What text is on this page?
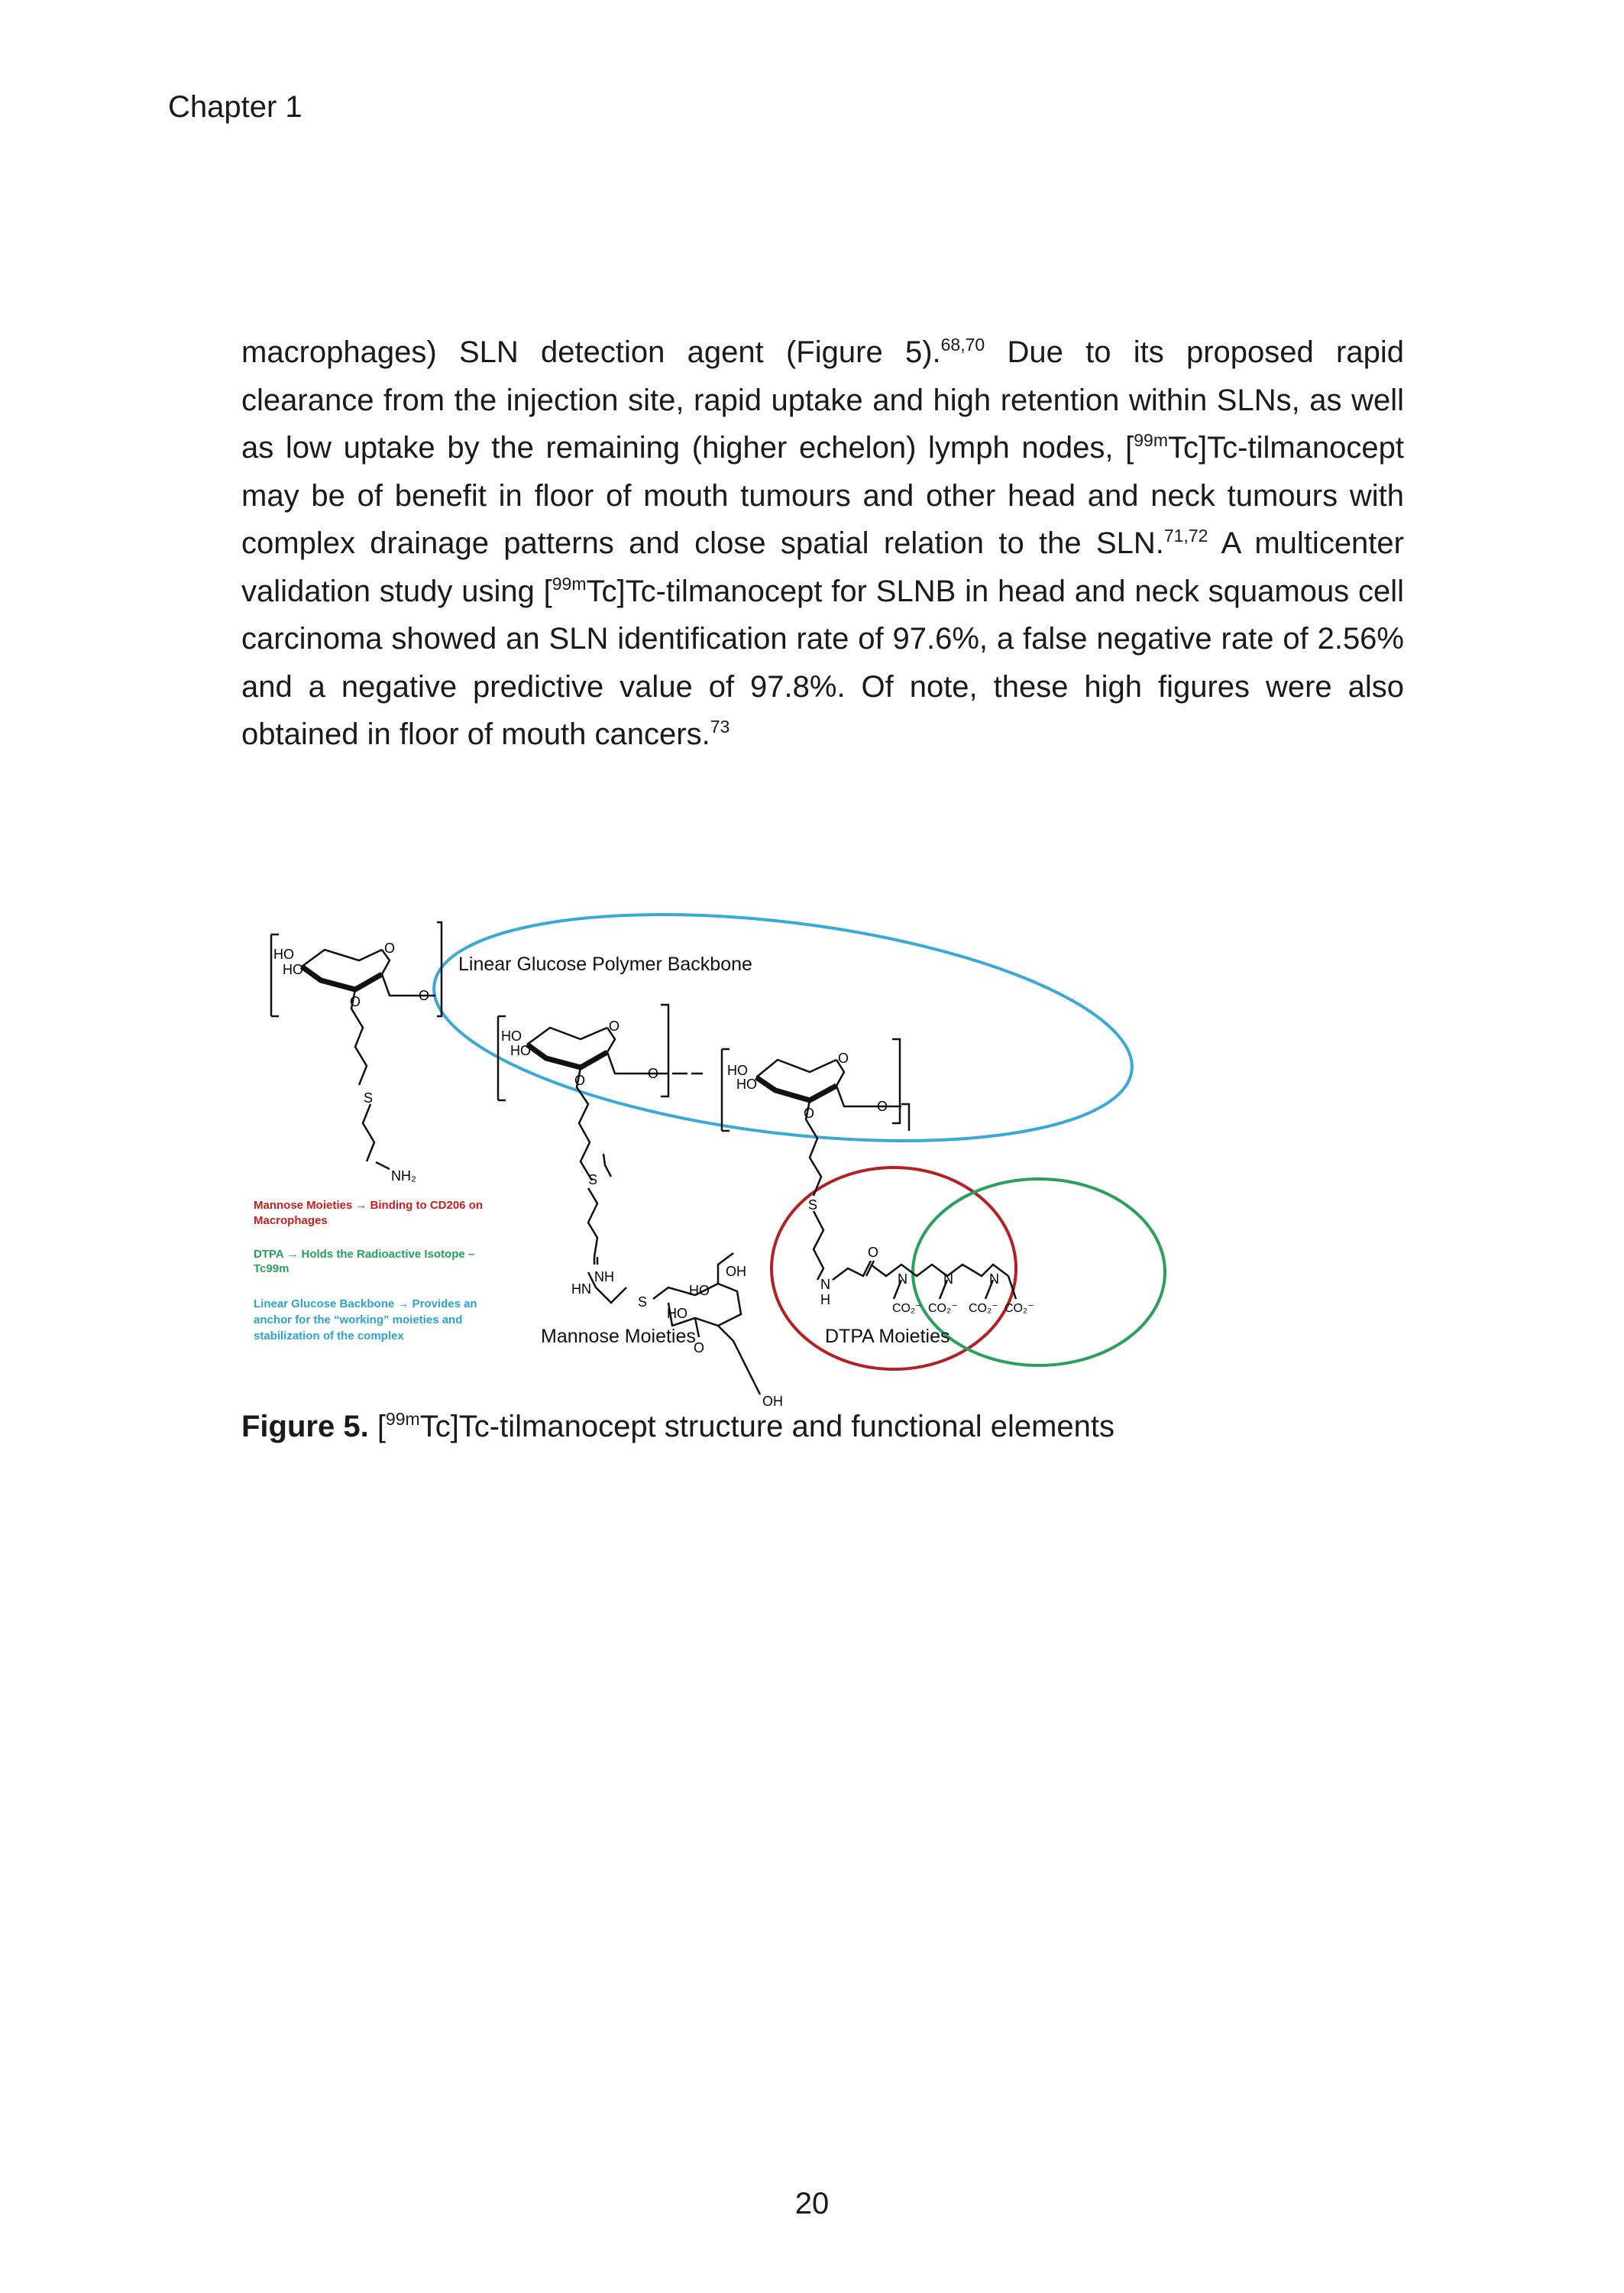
Chapter 1
macrophages) SLN detection agent (Figure 5).$^{68,70}$ Due to its proposed rapid clearance from the injection site, rapid uptake and high retention within SLNs, as well as low uptake by the remaining (higher echelon) lymph nodes, [$^{99m}$Tc]Tc-tilmanocept may be of benefit in floor of mouth tumours and other head and neck tumours with complex drainage patterns and close spatial relation to the SLN.$^{71,72}$ A multicenter validation study using [$^{99m}$Tc]Tc-tilmanocept for SLNB in head and neck squamous cell carcinoma showed an SLN identification rate of 97.6%, a false negative rate of 2.56% and a negative predictive value of 97.8%. Of note, these high figures were also obtained in floor of mouth cancers.$^{73}$
HO
HO
O
O
O
S
NH₂
Linear Glucose Polymer Backbone
HO
HO
O
O
O
S
HO
HO
O
O
O
S
NH
HN
S
HO
HO
OH
O
OH
N
H
O
N	N	N
CO₂⁻ CO₂⁻ CO₂⁻ CO₂⁻
Mannose Moieties	DTPA Moieties
Mannose Moieties → Binding to CD206 on
Macrophages
DTPA → Holds the Radioactive Isotope –
Tc99m
Linear Glucose Backbone → Provides an
anchor for the “working” moieties and
stabilization of the complex
Figure 5. [$^{99m}$Tc]Tc-tilmanocept structure and functional elements
20
